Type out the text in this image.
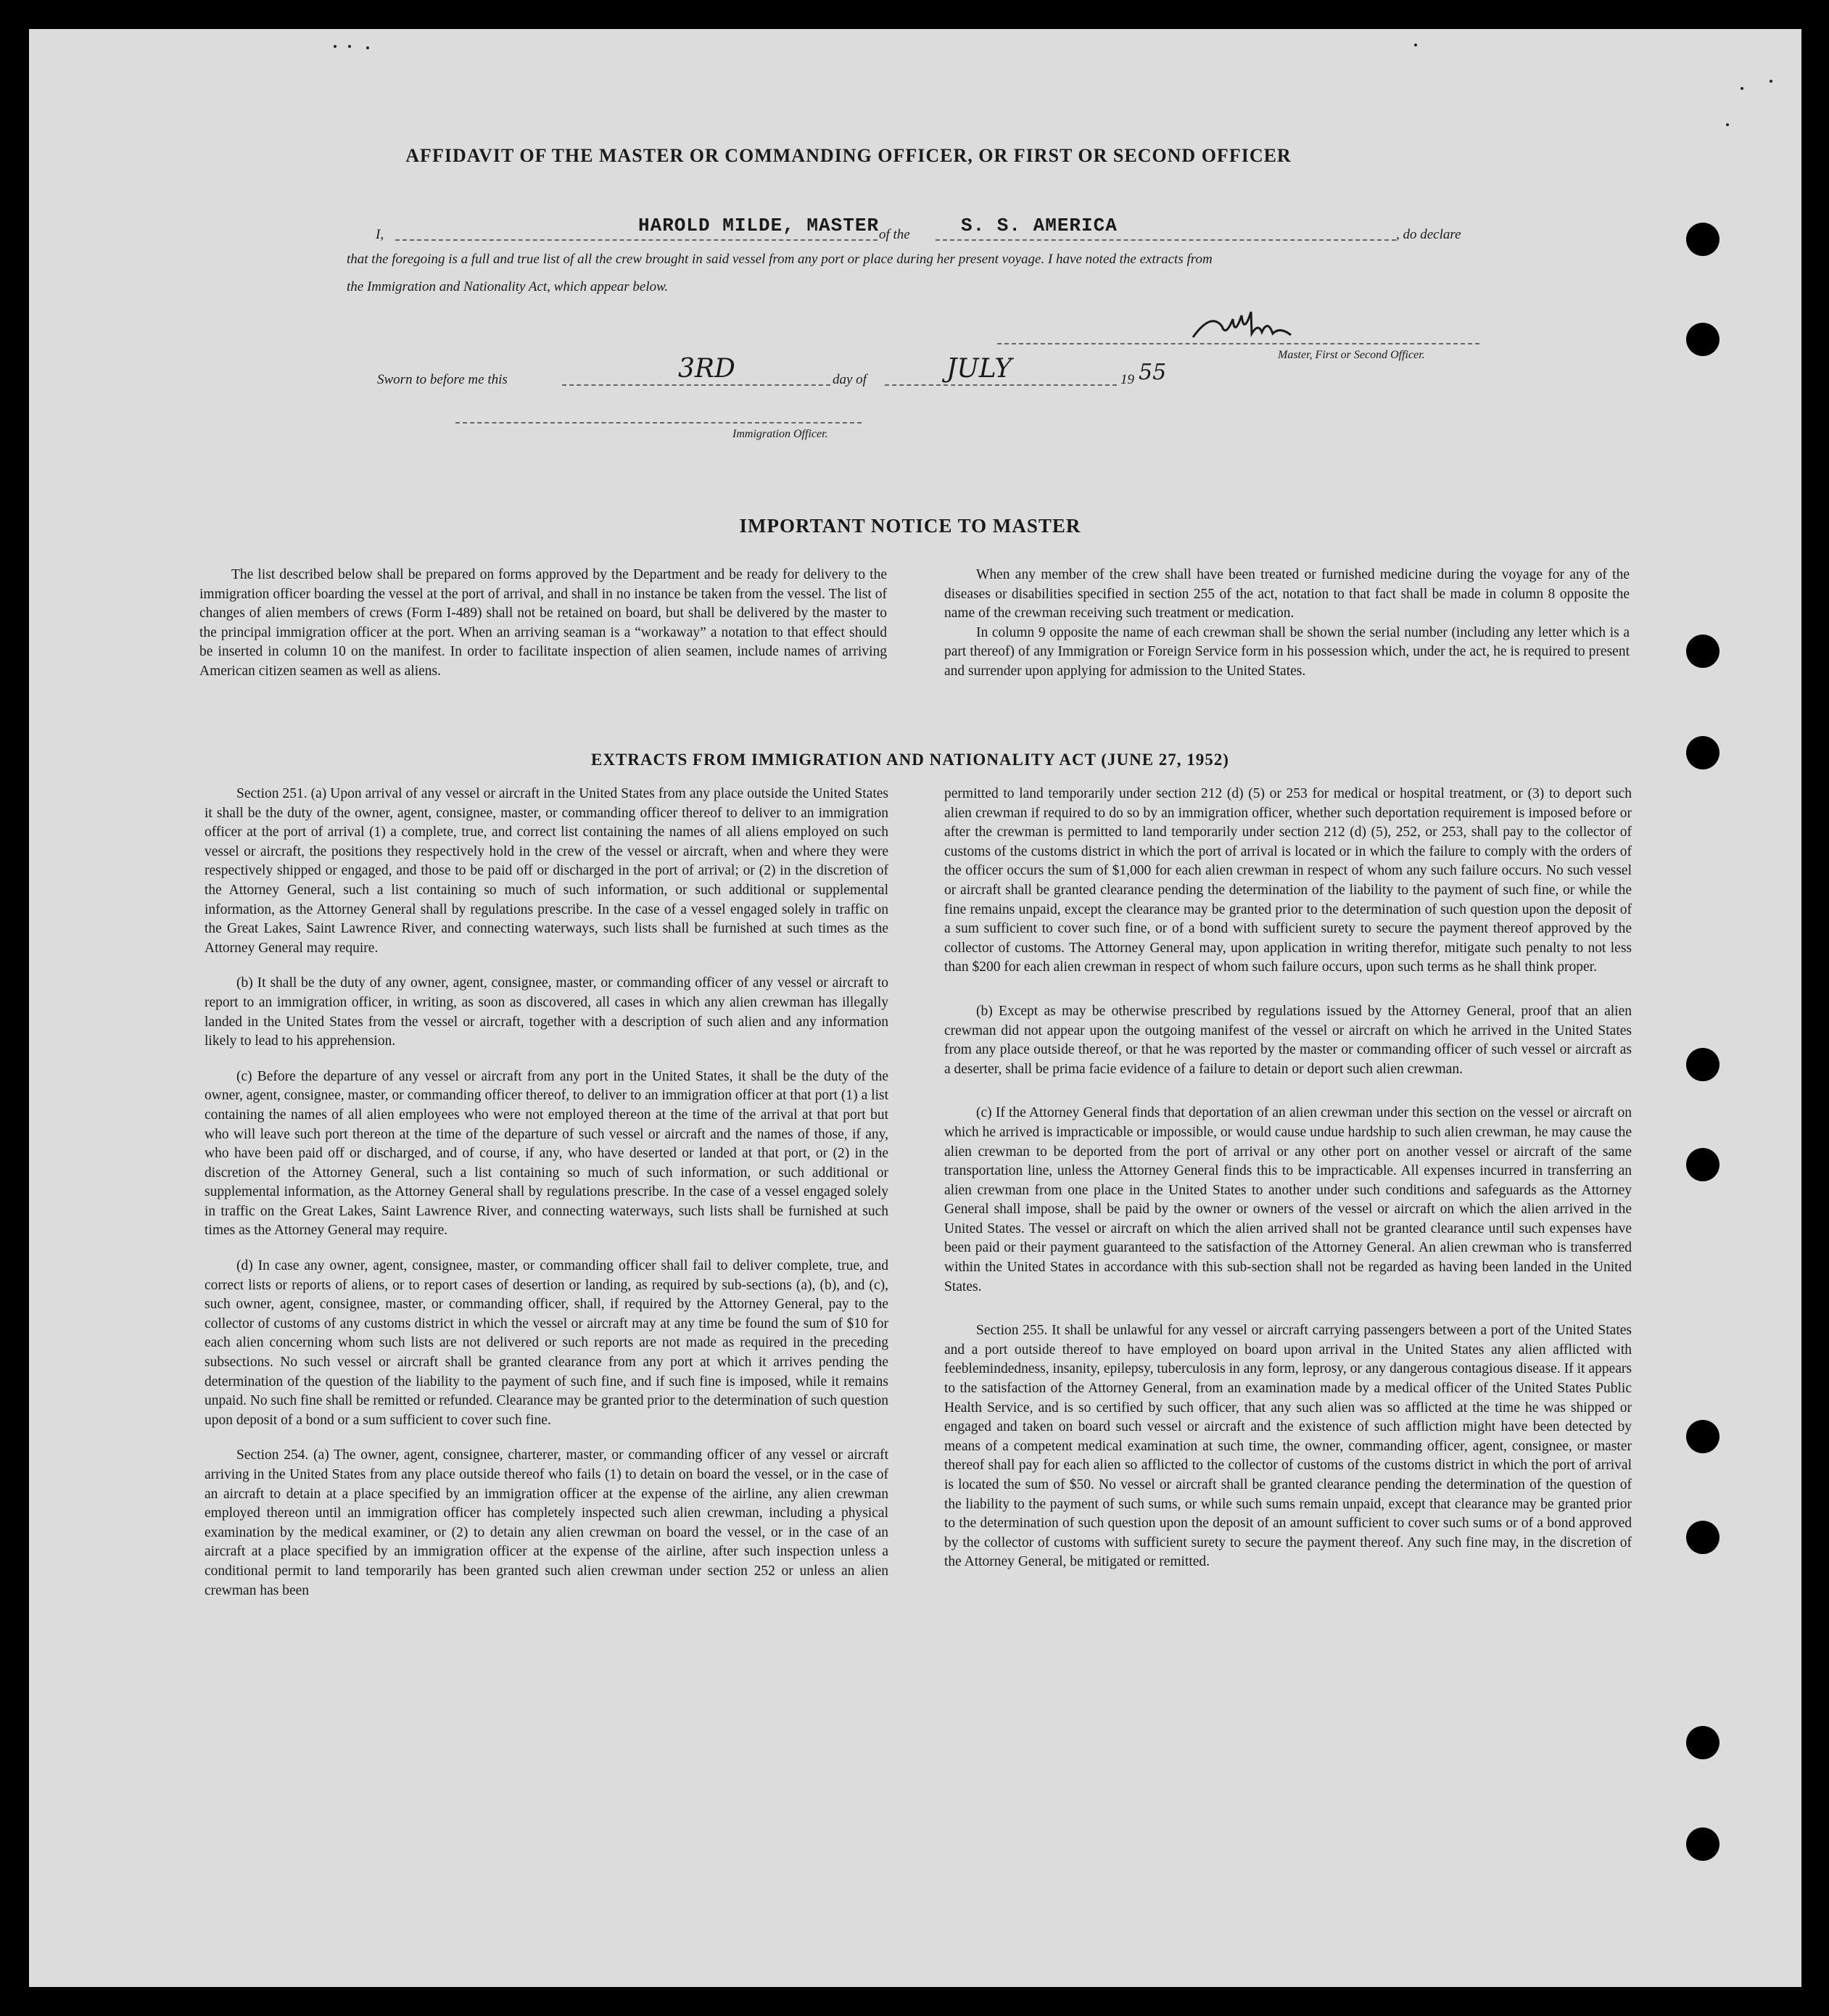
AFFIDAVIT OF THE MASTER OR COMMANDING OFFICER, OR FIRST OR SECOND OFFICER
I,	HAROLD MILDE, MASTER of the	S. S. AMERICA	, do declare
that the foregoing is a full and true list of all the crew brought in said vessel from any port or place during her present voyage. I have noted the extracts from
the Immigration and Nationality Act, which appear below.
Master, First or Second Officer.
Sworn to before me this	3RD	day of	JULY	19 55
Immigration Officer.
IMPORTANT NOTICE TO MASTER

The list described below shall be prepared on forms approved by the Department and be ready for delivery to the immigration officer boarding the vessel at the port of arrival, and shall in no instance be taken from the vessel. The list of changes of alien members of crews (Form I-489) shall not be retained on board, but shall be delivered by the master to the principal immigration officer at the port. When an arriving seaman is a “workaway” a notation to that effect should be inserted in column 10 on the manifest. In order to facilitate inspection of alien seamen, include names of arriving American citizen seamen as well as aliens.

When any member of the crew shall have been treated or furnished medicine during the voyage for any of the diseases or disabilities specified in section 255 of the act, notation to that fact shall be made in column 8 opposite the name of the crewman receiving such treatment or medication.

In column 9 opposite the name of each crewman shall be shown the serial number (including any letter which is a part thereof) of any Immigration or Foreign Service form in his possession which, under the act, he is required to present and surrender upon applying for admission to the United States.

EXTRACTS FROM IMMIGRATION AND NATIONALITY ACT (JUNE 27, 1952)

Section 251. (a) Upon arrival of any vessel or aircraft in the United States from any place outside the United States it shall be the duty of the owner, agent, consignee, master, or commanding officer thereof to deliver to an immigration officer at the port of arrival (1) a complete, true, and correct list containing the names of all aliens employed on such vessel or aircraft, the positions they respectively hold in the crew of the vessel or aircraft, when and where they were respectively shipped or engaged, and those to be paid off or discharged in the port of arrival; or (2) in the discretion of the Attorney General, such a list containing so much of such information, or such additional or supplemental information, as the Attorney General shall by regulations prescribe. In the case of a vessel engaged solely in traffic on the Great Lakes, Saint Lawrence River, and connecting waterways, such lists shall be furnished at such times as the Attorney General may require.

(b) It shall be the duty of any owner, agent, consignee, master, or commanding officer of any vessel or aircraft to report to an immigration officer, in writing, as soon as discovered, all cases in which any alien crewman has illegally landed in the United States from the vessel or aircraft, together with a description of such alien and any information likely to lead to his apprehension.

(c) Before the departure of any vessel or aircraft from any port in the United States, it shall be the duty of the owner, agent, consignee, master, or commanding officer thereof, to deliver to an immigration officer at that port (1) a list containing the names of all alien employees who were not employed thereon at the time of the arrival at that port but who will leave such port thereon at the time of the departure of such vessel or aircraft and the names of those, if any, who have been paid off or discharged, and of course, if any, who have deserted or landed at that port, or (2) in the discretion of the Attorney General, such a list containing so much of such information, or such additional or supplemental information, as the Attorney General shall by regulations prescribe. In the case of a vessel engaged solely in traffic on the Great Lakes, Saint Lawrence River, and connecting waterways, such lists shall be furnished at such times as the Attorney General may require.

(d) In case any owner, agent, consignee, master, or commanding officer shall fail to deliver complete, true, and correct lists or reports of aliens, or to report cases of desertion or landing, as required by sub-sections (a), (b), and (c), such owner, agent, consignee, master, or commanding officer, shall, if required by the Attorney General, pay to the collector of customs of any customs district in which the vessel or aircraft may at any time be found the sum of $10 for each alien concerning whom such lists are not delivered or such reports are not made as required in the preceding subsections. No such vessel or aircraft shall be granted clearance from any port at which it arrives pending the determination of the question of the liability to the payment of such fine, and if such fine is imposed, while it remains unpaid. No such fine shall be remitted or refunded. Clearance may be granted prior to the determination of such question upon deposit of a bond or a sum sufficient to cover such fine.

Section 254. (a) The owner, agent, consignee, charterer, master, or commanding officer of any vessel or aircraft arriving in the United States from any place outside thereof who fails (1) to detain on board the vessel, or in the case of an aircraft to detain at a place specified by an immigration officer at the expense of the airline, any alien crewman employed thereon until an immigration officer has completely inspected such alien crewman, including a physical examination by the medical examiner, or (2) to detain any alien crewman on board the vessel, or in the case of an aircraft at a place specified by an immigration officer at the expense of the airline, after such inspection unless a conditional permit to land temporarily has been granted such alien crewman under section 252 or unless an alien crewman has been

permitted to land temporarily under section 212 (d) (5) or 253 for medical or hospital treatment, or (3) to deport such alien crewman if required to do so by an immigration officer, whether such deportation requirement is imposed before or after the crewman is permitted to land temporarily under section 212 (d) (5), 252, or 253, shall pay to the collector of customs of the customs district in which the port of arrival is located or in which the failure to comply with the orders of the officer occurs the sum of $1,000 for each alien crewman in respect of whom any such failure occurs. No such vessel or aircraft shall be granted clearance pending the determination of the liability to the payment of such fine, or while the fine remains unpaid, except the clearance may be granted prior to the determination of such question upon the deposit of a sum sufficient to cover such fine, or of a bond with sufficient surety to secure the payment thereof approved by the collector of customs. The Attorney General may, upon application in writing therefor, mitigate such penalty to not less than $200 for each alien crewman in respect of whom such failure occurs, upon such terms as he shall think proper.

(b) Except as may be otherwise prescribed by regulations issued by the Attorney General, proof that an alien crewman did not appear upon the outgoing manifest of the vessel or aircraft on which he arrived in the United States from any place outside thereof, or that he was reported by the master or commanding officer of such vessel or aircraft as a deserter, shall be prima facie evidence of a failure to detain or deport such alien crewman.

(c) If the Attorney General finds that deportation of an alien crewman under this section on the vessel or aircraft on which he arrived is impracticable or impossible, or would cause undue hardship to such alien crewman, he may cause the alien crewman to be deported from the port of arrival or any other port on another vessel or aircraft of the same transportation line, unless the Attorney General finds this to be impracticable. All expenses incurred in transferring an alien crewman from one place in the United States to another under such conditions and safeguards as the Attorney General shall impose, shall be paid by the owner or owners of the vessel or aircraft on which the alien arrived in the United States. The vessel or aircraft on which the alien arrived shall not be granted clearance until such expenses have been paid or their payment guaranteed to the satisfaction of the Attorney General. An alien crewman who is transferred within the United States in accordance with this sub-section shall not be regarded as having been landed in the United States.

Section 255. It shall be unlawful for any vessel or aircraft carrying passengers between a port of the United States and a port outside thereof to have employed on board upon arrival in the United States any alien afflicted with feeblemindedness, insanity, epilepsy, tuberculosis in any form, leprosy, or any dangerous contagious disease. If it appears to the satisfaction of the Attorney General, from an examination made by a medical officer of the United States Public Health Service, and is so certified by such officer, that any such alien was so afflicted at the time he was shipped or engaged and taken on board such vessel or aircraft and the existence of such affliction might have been detected by means of a competent medical examination at such time, the owner, commanding officer, agent, consignee, or master thereof shall pay for each alien so afflicted to the collector of customs of the customs district in which the port of arrival is located the sum of $50. No vessel or aircraft shall be granted clearance pending the determination of the question of the liability to the payment of such sums, or while such sums remain unpaid, except that clearance may be granted prior to the determination of such question upon the deposit of an amount sufficient to cover such sums or of a bond approved by the collector of customs with sufficient surety to secure the payment thereof. Any such fine may, in the discretion of the Attorney General, be mitigated or remitted.
